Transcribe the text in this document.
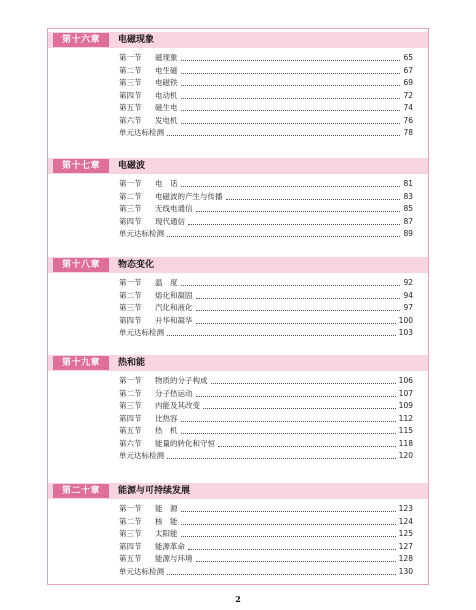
第十六章	电磁现象
第一节	磁现象	65
第二节	电生磁	67
第三节	电磁铁	69
第四节	电动机	72
第五节	磁生电	74
第六节	发电机	76
单元达标检测	78
第十七章	电磁波
第一节	电　话	81
第二节	电磁波的产生与传播	83
第三节	无线电通信	85
第四节	现代通信	87
单元达标检测	89
第十八章	物态变化
第一节	温　度	92
第二节	熔化和凝固	94
第三节	汽化和液化	97
第四节	升华和凝华	100
单元达标检测	103
第十九章	热和能
第一节	物质的分子构成	106
第二节	分子热运动	107
第三节	内能及其改变	109
第四节	比热容	112
第五节	热　机	115
第六节	能量的转化和守恒	118
单元达标检测	120
第二十章	能源与可持续发展
第一节	能　源	123
第二节	核　能	124
第三节	太阳能	125
第四节	能源革命	127
第五节	能源与环境	128
单元达标检测	130
2
